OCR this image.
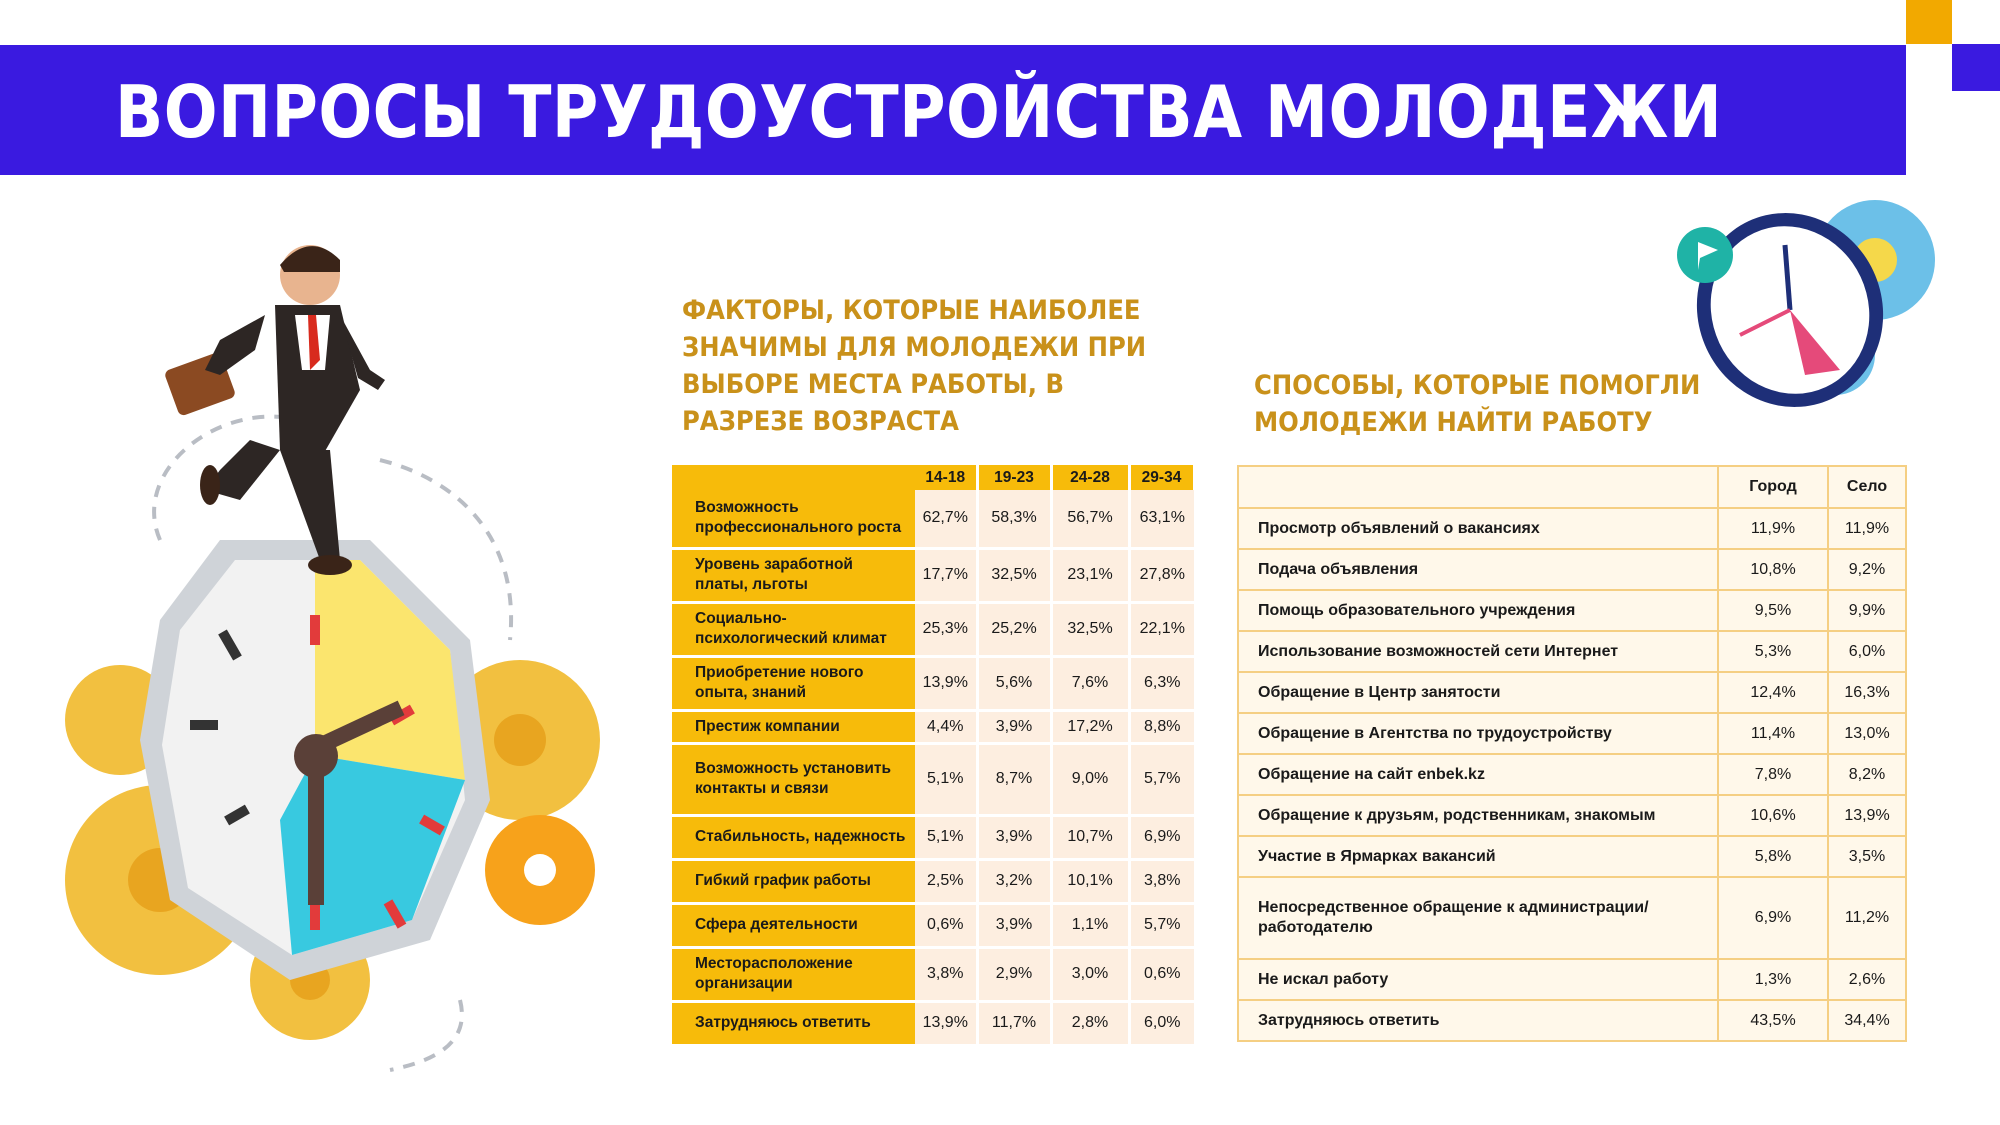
ВОПРОСЫ ТРУДОУСТРОЙСТВА МОЛОДЕЖИ
ФАКТОРЫ, КОТОРЫЕ НАИБОЛЕЕ ЗНАЧИМЫ ДЛЯ МОЛОДЕЖИ ПРИ ВЫБОРЕ МЕСТА РАБОТЫ, В РАЗРЕЗЕ ВОЗРАСТА
	14-18	19-23	24-28	29-34
Возможность профессионального роста	62,7%	58,3%	56,7%	63,1%
Уровень заработной платы, льготы	17,7%	32,5%	23,1%	27,8%
Социально-психологический климат	25,3%	25,2%	32,5%	22,1%
Приобретение нового опыта, знаний	13,9%	5,6%	7,6%	6,3%
Престиж компании	4,4%	3,9%	17,2%	8,8%
Возможность установить контакты и связи	5,1%	8,7%	9,0%	5,7%
Стабильность, надежность	5,1%	3,9%	10,7%	6,9%
Гибкий график работы	2,5%	3,2%	10,1%	3,8%
Сфера деятельности	0,6%	3,9%	1,1%	5,7%
Месторасположение организации	3,8%	2,9%	3,0%	0,6%
Затрудняюсь ответить	13,9%	11,7%	2,8%	6,0%
СПОСОБЫ, КОТОРЫЕ ПОМОГЛИ МОЛОДЕЖИ НАЙТИ РАБОТУ
	Город	Село
Просмотр объявлений о вакансиях	11,9%	11,9%
Подача объявления	10,8%	9,2%
Помощь образовательного учреждения	9,5%	9,9%
Использование возможностей сети Интернет	5,3%	6,0%
Обращение в Центр занятости	12,4%	16,3%
Обращение в Агентства по трудоустройству	11,4%	13,0%
Обращение на сайт enbek.kz	7,8%	8,2%
Обращение к друзьям, родственникам, знакомым	10,6%	13,9%
Участие в Ярмарках вакансий	5,8%	3,5%
Непосредственное обращение к администрации/ работодателю	6,9%	11,2%
Не искал работу	1,3%	2,6%
Затрудняюсь ответить	43,5%	34,4%
